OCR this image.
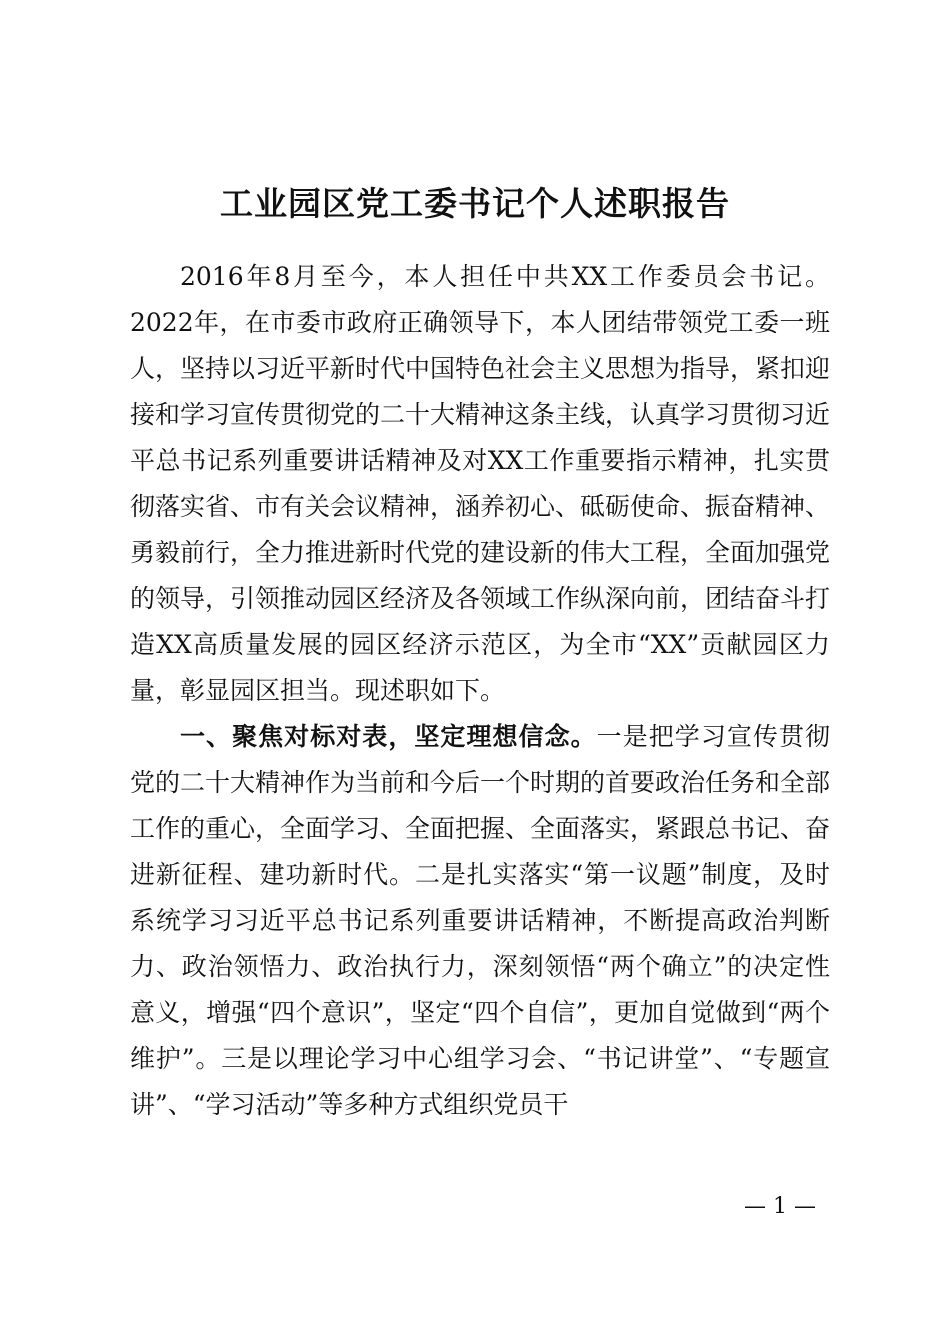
工业园区党工委书记个人述职报告

2016年8月至今，本人担任中共XX工作委员会书记。2022年，在市委市政府正确领导下，本人团结带领党工委一班人，坚持以习近平新时代中国特色社会主义思想为指导，紧扣迎接和学习宣传贯彻党的二十大精神这条主线，认真学习贯彻习近平总书记系列重要讲话精神及对XX工作重要指示精神，扎实贯彻落实省、市有关会议精神，涵养初心、砥砺使命、振奋精神、勇毅前行，全力推进新时代党的建设新的伟大工程，全面加强党的领导，引领推动园区经济及各领域工作纵深向前，团结奋斗打造XX高质量发展的园区经济示范区，为全市“XX”贡献园区力量，彰显园区担当。现述职如下。

一、聚焦对标对表，坚定理想信念。一是把学习宣传贯彻党的二十大精神作为当前和今后一个时期的首要政治任务和全部工作的重心，全面学习、全面把握、全面落实，紧跟总书记、奋进新征程、建功新时代。二是扎实落实“第一议题”制度，及时系统学习习近平总书记系列重要讲话精神，不断提高政治判断力、政治领悟力、政治执行力，深刻领悟“两个确立”的决定性意义，增强“四个意识”，坚定“四个自信”，更加自觉做到“两个维护”。三是以理论学习中心组学习会、“书记讲堂”、“专题宣讲”、“学习活动”等多种方式组织党员干

— 1 —
